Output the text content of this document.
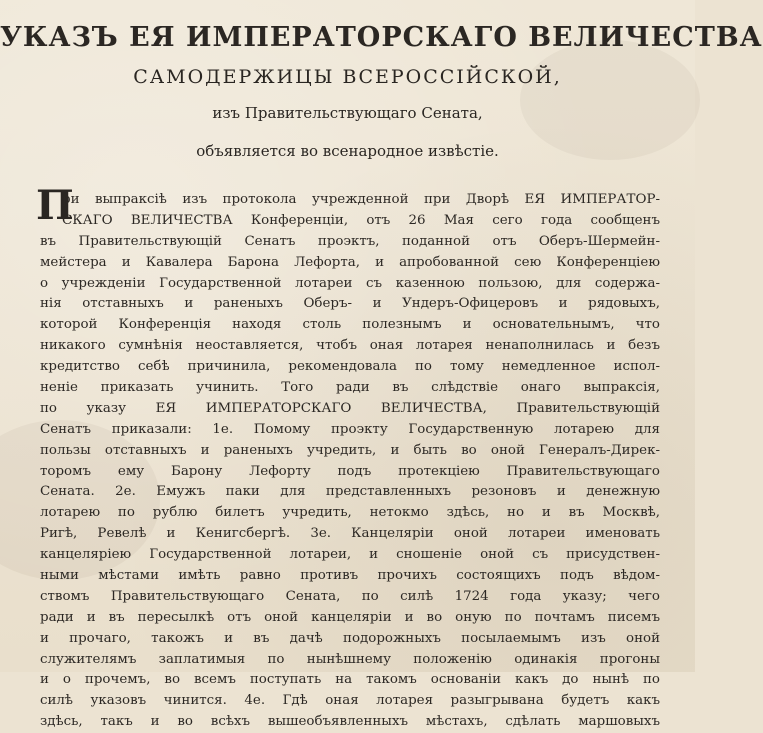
УКАЗЪ ЕЯ ИМПЕРАТОРСКАГО ВЕЛИЧЕСТВА
САМОДЕРЖИЦЫ ВСЕРОССІЙСКОЙ,
изъ Правительствующаго Сената,
объявляется во всенародное извѣстіе.
П
ри выпраксіѣ изъ протокола учрежденной при Дворѣ ЕЯ ИМПЕРАТОР-
СКАГО ВЕЛИЧЕСТВА Конференціи, отъ 26 Мая сего года сообщенъ
въ Правительствующій Сенатъ проэктъ, поданной отъ Оберъ-Шермейн-
мейстера и Кавалера Барона Лефорта, и апробованной сею Конференціею
о учрежденіи Государственной лотареи съ казенною пользою, для содержа-
нія отставныхъ и раненыхъ Оберъ- и Ундеръ-Офицеровъ и рядовыхъ,
которой Конференція находя столь полезнымъ и основательнымъ, что
никакого сумнѣнія неоставляется, чтобъ оная лотарея ненаполнилась и безъ
кредитство себѣ причинила, рекомендовала по тому немедленное испол-
неніе приказать учинить. Того ради въ слѣдствіе онаго выпраксія,
по указу ЕЯ ИМПЕРАТОРСКАГО ВЕЛИЧЕСТВА, Правительствующій
Сенатъ приказали: 1е. Помому проэкту Государственную лотарею для
пользы отставныхъ и раненыхъ учредить, и быть во оной Генералъ-Дирек-
торомъ ему Барону Лефорту подъ протекціею Правительствующаго
Сената. 2е. Емужъ паки для представленныхъ резоновъ и денежную
лотарею по рублю билетъ учредить, нетокмо здѣсь, но и въ Москвѣ,
Ригѣ, Ревелѣ и Кенигсбергѣ. 3е. Канцеляріи оной лотареи именовать
канцеляріею Государственной лотареи, и сношеніе оной съ присудствен-
ными мѣстами имѣть равно противъ прочихъ состоящихъ подъ вѣдом-
ствомъ Правительствующаго Сената, по силѣ 1724 года указу; чего
ради и въ пересылкѣ отъ оной канцеляріи и во оную по почтамъ писемъ
и прочаго, такожъ и въ дачѣ подорожныхъ посылаемымъ изъ оной
служителямъ заплатимыя по нынѣшнему положенію одинакія прогоны
и о прочемъ, во всемъ поступать на такомъ основаніи какъ до нынѣ по
силѣ указовъ чинится. 4е. Гдѣ оная лотарея разыгрывана будетъ какъ
здѣсь, такъ и во всѣхъ вышеобъявленныхъ мѣстахъ, сдѣлать маршовыхъ
